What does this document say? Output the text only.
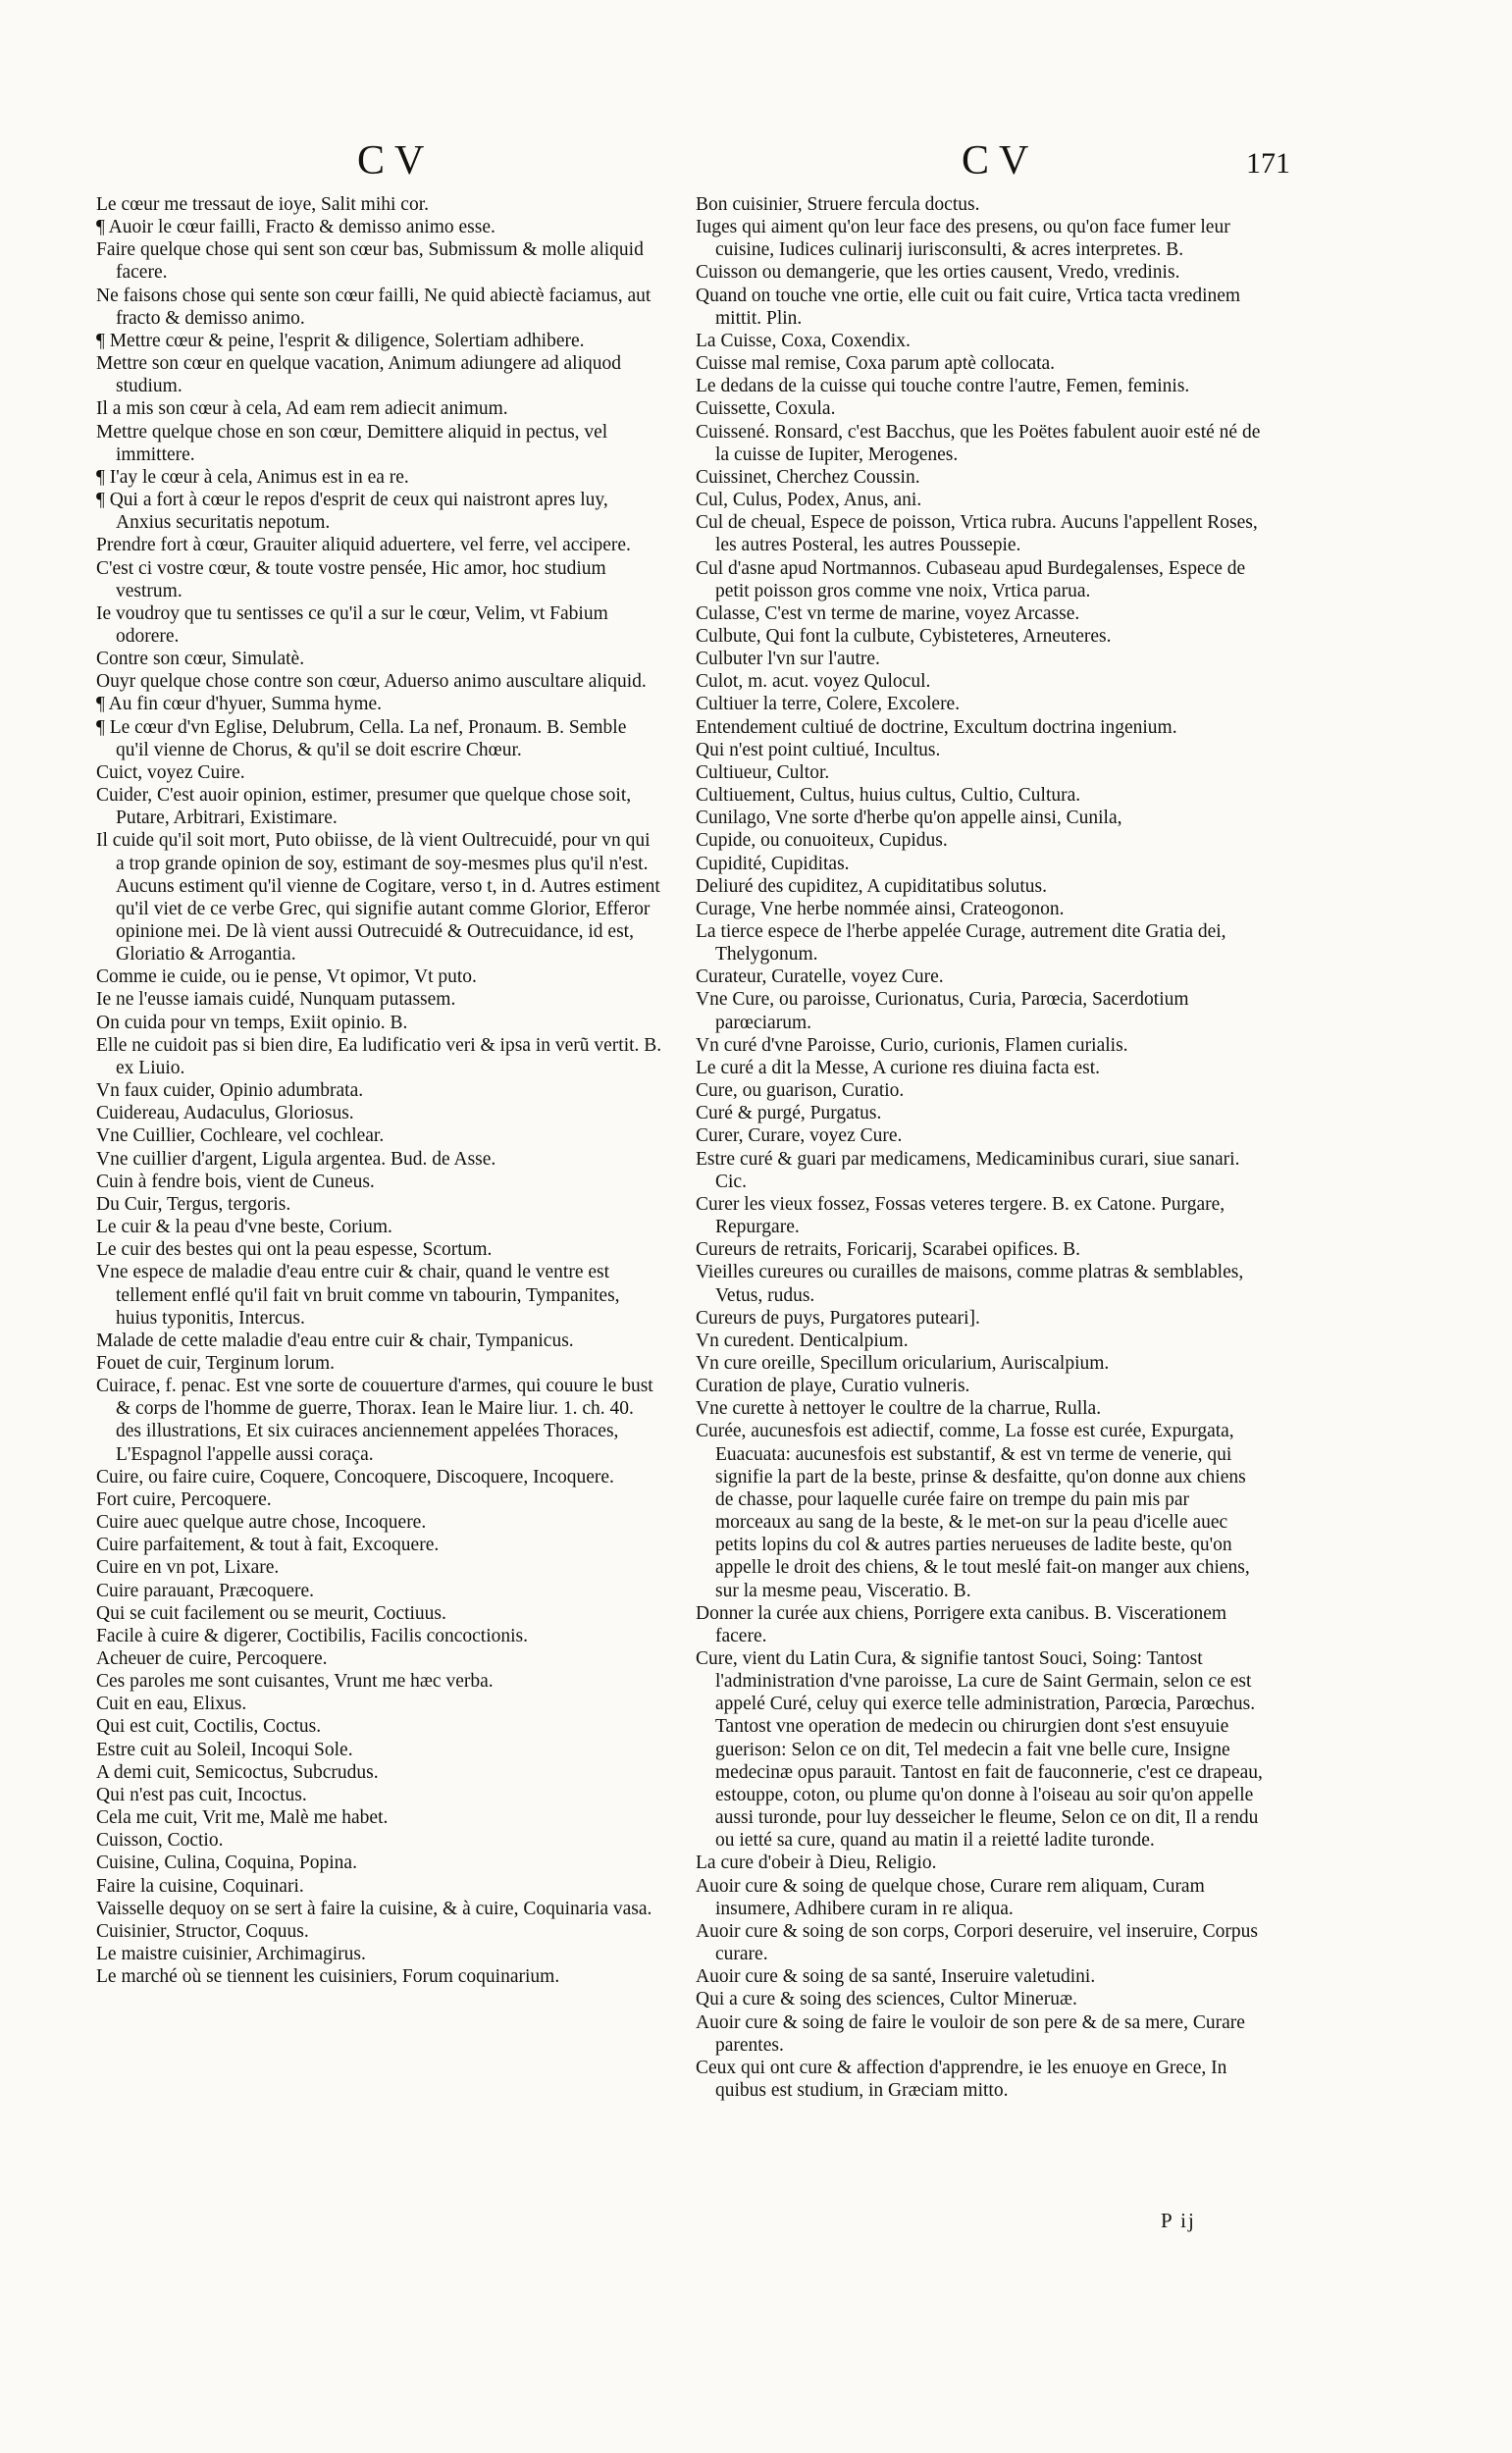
CV	CV	171

Le cœur me tressaut de ioye, Salit mihi cor.

¶ Auoir le cœur failli, Fracto & demisso animo esse.

Faire quelque chose qui sent son cœur bas, Submissum & molle aliquid facere.

Ne faisons chose qui sente son cœur failli, Ne quid abiectè faciamus, aut fracto & demisso animo.

¶ Mettre cœur & peine, l'esprit & diligence, Solertiam adhibere.

Mettre son cœur en quelque vacation, Animum adiungere ad aliquod studium.

Il a mis son cœur à cela, Ad eam rem adiecit animum.

Mettre quelque chose en son cœur, Demittere aliquid in pectus, vel immittere.

¶ I'ay le cœur à cela, Animus est in ea re.

¶ Qui a fort à cœur le repos d'esprit de ceux qui naistront apres luy, Anxius securitatis nepotum.

Prendre fort à cœur, Grauiter aliquid aduertere, vel ferre, vel accipere.

C'est ci vostre cœur, & toute vostre pensée, Hic amor, hoc studium vestrum.

Ie voudroy que tu sentisses ce qu'il a sur le cœur, Velim, vt Fabium odorere.

Contre son cœur, Simulatè.

Ouyr quelque chose contre son cœur, Aduerso animo auscultare aliquid.

¶ Au fin cœur d'hyuer, Summa hyme.

¶ Le cœur d'vn Eglise, Delubrum, Cella. La nef, Pronaum. B. Semble qu'il vienne de Chorus, & qu'il se doit escrire Chœur.

Cuict, voyez Cuire.

Cuider, C'est auoir opinion, estimer, presumer que quelque chose soit, Putare, Arbitrari, Existimare.

Il cuide qu'il soit mort, Puto obiisse, de là vient Oultrecuidé, pour vn qui a trop grande opinion de soy, estimant de soy-mesmes plus qu'il n'est. Aucuns estiment qu'il vienne de Cogitare, verso t, in d. Autres estiment qu'il viet de ce verbe Grec, qui signifie autant comme Glorior, Efferor opinione mei. De là vient aussi Outrecuidé & Outrecuidance, id est, Gloriatio & Arrogantia.

Comme ie cuide, ou ie pense, Vt opimor, Vt puto.

Ie ne l'eusse iamais cuidé, Nunquam putassem.

On cuida pour vn temps, Exiit opinio. B.

Elle ne cuidoit pas si bien dire, Ea ludificatio veri & ipsa in verũ vertit. B. ex Liuio.

Vn faux cuider, Opinio adumbrata.

Cuidereau, Audaculus, Gloriosus.

Vne Cuillier, Cochleare, vel cochlear.

Vne cuillier d'argent, Ligula argentea. Bud. de Asse.

Cuin à fendre bois, vient de Cuneus.

Du Cuir, Tergus, tergoris.

Le cuir & la peau d'vne beste, Corium.

Le cuir des bestes qui ont la peau espesse, Scortum.

Vne espece de maladie d'eau entre cuir & chair, quand le ventre est tellement enflé qu'il fait vn bruit comme vn tabourin, Tympanites, huius typonitis, Intercus.

Malade de cette maladie d'eau entre cuir & chair, Tympanicus.

Fouet de cuir, Terginum lorum.

Cuirace, f. penac. Est vne sorte de couuerture d'armes, qui couure le bust & corps de l'homme de guerre, Thorax. Iean le Maire liur. 1. ch. 40. des illustrations, Et six cuiraces anciennement appelées Thoraces, L'Espagnol l'appelle aussi coraça.

Cuire, ou faire cuire, Coquere, Concoquere, Discoquere, Incoquere.

Fort cuire, Percoquere.

Cuire auec quelque autre chose, Incoquere.

Cuire parfaitement, & tout à fait, Excoquere.

Cuire en vn pot, Lixare.

Cuire parauant, Præcoquere.

Qui se cuit facilement ou se meurit, Coctiuus.

Facile à cuire & digerer, Coctibilis, Facilis concoctionis.

Acheuer de cuire, Percoquere.

Ces paroles me sont cuisantes, Vrunt me hæc verba.

Cuit en eau, Elixus.

Qui est cuit, Coctilis, Coctus.

Estre cuit au Soleil, Incoqui Sole.

A demi cuit, Semicoctus, Subcrudus.

Qui n'est pas cuit, Incoctus.

Cela me cuit, Vrit me, Malè me habet.

Cuisson, Coctio.

Cuisine, Culina, Coquina, Popina.

Faire la cuisine, Coquinari.

Vaisselle dequoy on se sert à faire la cuisine, & à cuire, Coquinaria vasa.

Cuisinier, Structor, Coquus.

Le maistre cuisinier, Archimagirus.

Le marché où se tiennent les cuisiniers, Forum coquinarium.

Bon cuisinier, Struere fercula doctus.

Iuges qui aiment qu'on leur face des presens, ou qu'on face fumer leur cuisine, Iudices culinarij iurisconsulti, & acres interpretes. B.

Cuisson ou demangerie, que les orties causent, Vredo, vredinis.

Quand on touche vne ortie, elle cuit ou fait cuire, Vrtica tacta vredinem mittit. Plin.

La Cuisse, Coxa, Coxendix.

Cuisse mal remise, Coxa parum aptè collocata.

Le dedans de la cuisse qui touche contre l'autre, Femen, feminis.

Cuissette, Coxula.

Cuissené. Ronsard, c'est Bacchus, que les Poëtes fabulent auoir esté né de la cuisse de Iupiter, Merogenes.

Cuissinet, Cherchez Coussin.

Cul, Culus, Podex, Anus, ani.

Cul de cheual, Espece de poisson, Vrtica rubra. Aucuns l'appellent Roses, les autres Posteral, les autres Poussepie.

Cul d'asne apud Nortmannos. Cubaseau apud Burdegalenses, Espece de petit poisson gros comme vne noix, Vrtica parua.

Culasse, C'est vn terme de marine, voyez Arcasse.

Culbute, Qui font la culbute, Cybisteteres, Arneuteres.

Culbuter l'vn sur l'autre.

Culot, m. acut. voyez Qulocul.

Cultiuer la terre, Colere, Excolere.

Entendement cultiué de doctrine, Excultum doctrina ingenium.

Qui n'est point cultiué, Incultus.

Cultiueur, Cultor.

Cultiuement, Cultus, huius cultus, Cultio, Cultura.

Cunilago, Vne sorte d'herbe qu'on appelle ainsi, Cunila,

Cupide, ou conuoiteux, Cupidus.

Cupidité, Cupiditas.

Deliuré des cupiditez, A cupiditatibus solutus.

Curage, Vne herbe nommée ainsi, Crateogonon.

La tierce espece de l'herbe appelée Curage, autrement dite Gratia dei, Thelygonum.

Curateur, Curatelle, voyez Cure.

Vne Cure, ou paroisse, Curionatus, Curia, Parœcia, Sacerdotium parœciarum.

Vn curé d'vne Paroisse, Curio, curionis, Flamen curialis.

Le curé a dit la Messe, A curione res diuina facta est.

Cure, ou guarison, Curatio.

Curé & purgé, Purgatus.

Curer, Curare, voyez Cure.

Estre curé & guari par medicamens, Medicaminibus curari, siue sanari. Cic.

Curer les vieux fossez, Fossas veteres tergere. B. ex Catone. Purgare, Repurgare.

Cureurs de retraits, Foricarij, Scarabei opifices. B.

Vieilles cureures ou curailles de maisons, comme platras & semblables, Vetus, rudus.

Cureurs de puys, Purgatores puteari].

Vn curedent. Denticalpium.

Vn cure oreille, Specillum oricularium, Auriscalpium.

Curation de playe, Curatio vulneris.

Vne curette à nettoyer le coultre de la charrue, Rulla.

Curée, aucunesfois est adiectif, comme, La fosse est curée, Expurgata, Euacuata: aucunesfois est substantif, & est vn terme de venerie, qui signifie la part de la beste, prinse & desfaitte, qu'on donne aux chiens de chasse, pour laquelle curée faire on trempe du pain mis par morceaux au sang de la beste, & le met-on sur la peau d'icelle auec petits lopins du col & autres parties nerueuses de ladite beste, qu'on appelle le droit des chiens, & le tout meslé fait-on manger aux chiens, sur la mesme peau, Visceratio. B.

Donner la curée aux chiens, Porrigere exta canibus. B. Viscerationem facere.

Cure, vient du Latin Cura, & signifie tantost Souci, Soing: Tantost l'administration d'vne paroisse, La cure de Saint Germain, selon ce est appelé Curé, celuy qui exerce telle administration, Parœcia, Parœchus. Tantost vne operation de medecin ou chirurgien dont s'est ensuyuie guerison: Selon ce on dit, Tel medecin a fait vne belle cure, Insigne medecinæ opus parauit. Tantost en fait de fauconnerie, c'est ce drapeau, estouppe, coton, ou plume qu'on donne à l'oiseau au soir qu'on appelle aussi turonde, pour luy desseicher le fleume, Selon ce on dit, Il a rendu ou ietté sa cure, quand au matin il a reietté ladite turonde.

La cure d'obeir à Dieu, Religio.

Auoir cure & soing de quelque chose, Curare rem aliquam, Curam insumere, Adhibere curam in re aliqua.

Auoir cure & soing de son corps, Corpori deseruire, vel inseruire, Corpus curare.

Auoir cure & soing de sa santé, Inseruire valetudini.

Qui a cure & soing des sciences, Cultor Mineruæ.

Auoir cure & soing de faire le vouloir de son pere & de sa mere, Curare parentes.

Ceux qui ont cure & affection d'apprendre, ie les enuoye en Grece, In quibus est studium, in Græciam mitto.

P ij
